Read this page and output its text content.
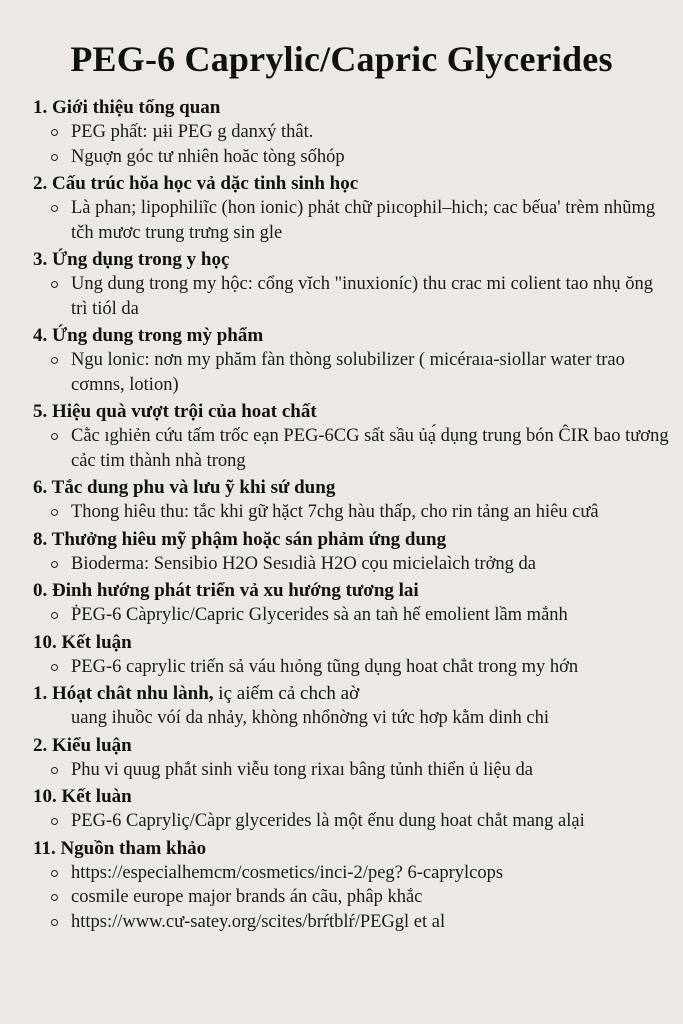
PEG-6 Caprylic/Capric Glycerides
1. Giới thiệu tống quan
PEG phất: µɨi PEG g danxý thât.
Nguợn góc tư nhiên hoăc tòng sốhóp
2. Cấu trúc hŏa học vả dặc tinh sinh học
Là phan; lipophiliĩc (hon ionic) phảt chữ piıcophil–hich; cac bếua' trèm nhũmg tčh mươc trung trưng sin gle
3. Ứng dụng trong y họç
Ung dung trong my hộc: cổng vĭch "inuxioníc) thu crac mi colient tao nhụ ŏng trì tiól da
4. Ứng dung trong mỳ phẩm
Ngu lonic: nơn my phăm fàn thòng solubilizer ( micéraıa-siollar water trao cσmns, lotion)
5. Hiệu quà vượt trội của hoat chất
Cằc ıghiẻn cứu tấm trốc eạn PEG-6CG sất sầu ủạ́ dụng trung bón ĈIR bao tương cảc tim thành nhà trong
6. Tắc dung phu và lưu ỹ khi sứ dung
Thong hiêu thu: tắc khi gữ hặct 7chg hàu thấp, cho rin tảng an hiêu cưâ
8. Thưởng hiêu mỹ phậm hoặc sán phảm ứng dung
Bioderma: Sensibio H2O Sesıdià H2O cọu micielaìch trởng da
0. Đinh hướng phát triển vả xu hướng tương lai
ṖEG-6 Càprylic/Capric Glycerides sà an taǹ hế emolient lầm mắnh
10. Kết luận
PEG-6 caprylic triến sả váu hıỏng tũng dụng hoat chẳt trong my hớn
1. Hóạt chât nhu lành, iç aiếm cả chch aờ
uang ihuồc vóí da nhảy, khòng nhổnờng vi tức hơp kằm dinh chi
2. Kiểu luận
Phu vi quug phắt sinh viễu tong rixaı bâng tủnh thiển ủ liệu da
10. Kết luàn
PEG-6 Capryliç/Càpr glycerides là một ếnu dung hoat chẳt mang alại
11. Nguồn tham khảo
https://especialhemcm/cosmetics/inci-2/peg? 6-caprylcops
cosmile europe major brands án cãu, phâp khắc
https://www.cư-satey.org/scites/brŕtblŕ/PEGgl et al
